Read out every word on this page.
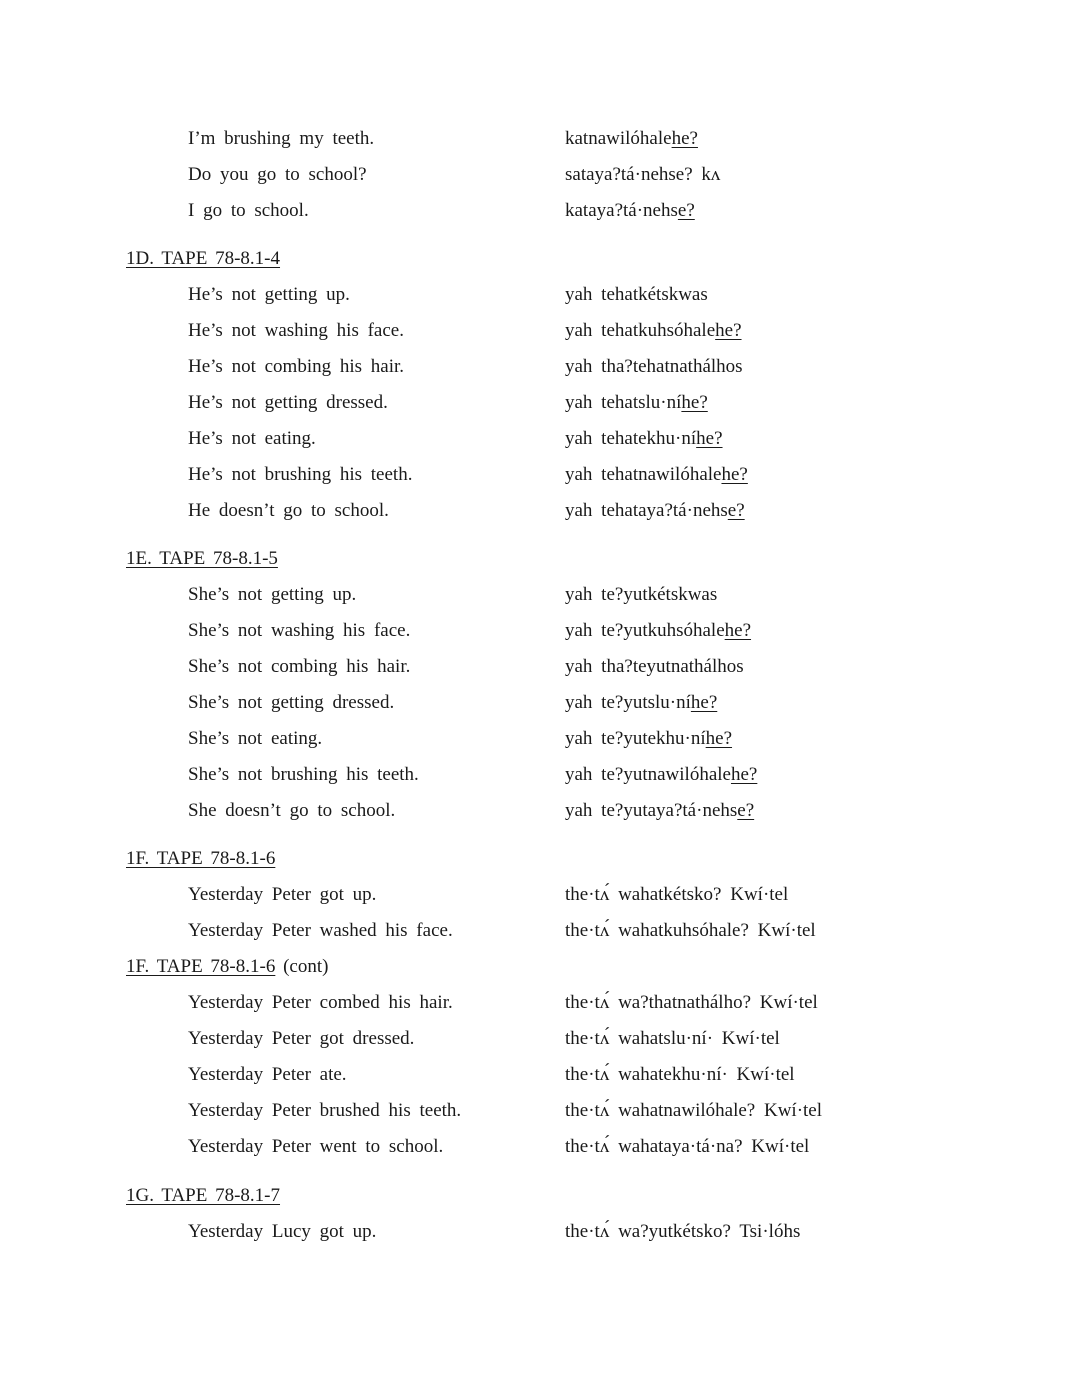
I’m brushing my teeth.	katnawilóhalehe?
Do you go to school?	sataya?tá·nehse? kʌ
I go to school.	kataya?tá·nehse?
1D. TAPE 78-8.1-4
He’s not getting up.	yah tehatkétskwas
He’s not washing his face.	yah tehatkuhsóhalehe?
He’s not combing his hair.	yah tha?tehatnathálhos
He’s not getting dressed.	yah tehatslu·níhe?
He’s not eating.	yah tehatekhu·níhe?
He’s not brushing his teeth.	yah tehatnawilóhalehe?
He doesn’t go to school.	yah tehataya?tá·nehse?
1E. TAPE 78-8.1-5
She’s not getting up.	yah te?yutkétskwas
She’s not washing his face.	yah te?yutkuhsóhalehe?
She’s not combing his hair.	yah tha?teyutnathálhos
She’s not getting dressed.	yah te?yutslu·níhe?
She’s not eating.	yah te?yutekhu·níhe?
She’s not brushing his teeth.	yah te?yutnawilóhalehe?
She doesn’t go to school.	yah te?yutaya?tá·nehse?
1F. TAPE 78-8.1-6
Yesterday Peter got up.	the·tʌ́ wahatkétsko? Kwí·tel
Yesterday Peter washed his face.	the·tʌ́ wahatkuhsóhale? Kwí·tel
1F. TAPE 78-8.1-6 (cont)
Yesterday Peter combed his hair.	the·tʌ́ wa?thatnathálho? Kwí·tel
Yesterday Peter got dressed.	the·tʌ́ wahatslu·ní· Kwí·tel
Yesterday Peter ate.	the·tʌ́ wahatekhu·ní· Kwí·tel
Yesterday Peter brushed his teeth.	the·tʌ́ wahatnawilóhale? Kwí·tel
Yesterday Peter went to school.	the·tʌ́ wahataya·tá·na? Kwí·tel
1G. TAPE 78-8.1-7
Yesterday Lucy got up.	the·tʌ́ wa?yutkétsko? Tsi·lóhs
